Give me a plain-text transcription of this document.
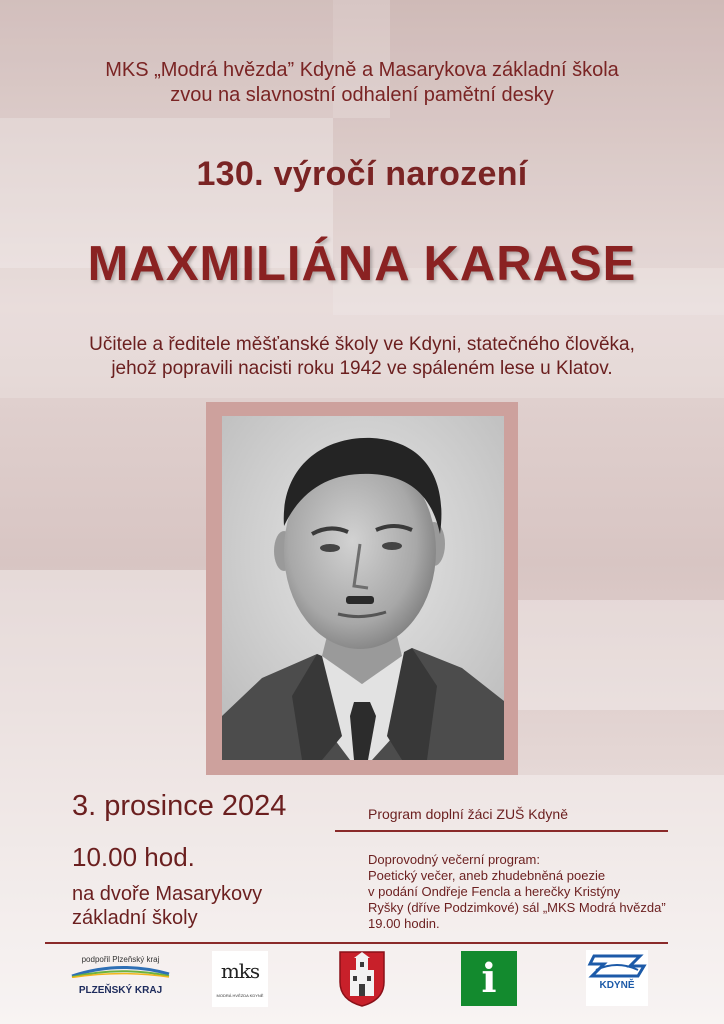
MKS „Modrá hvězda” Kdyně a Masarykova základní škola
zvou na slavnostní odhalení pamětní desky
130. výročí narození
MAXMILIÁNA KARASE
Učitele a ředitele měšťanské školy ve Kdyni, statečného člověka,
jehož popravili nacisti roku 1942 ve spáleném lese u Klatov.
3. prosince 2024
10.00 hod.
na dvoře Masarykovy
základní školy
Program doplní žáci ZUŠ Kdyně
Doprovodný večerní program:
Poetický večer, aneb zhudebněná poezie
v podání Ondřeje Fencla a herečky Kristýny
Ryšky (dříve Podzimkové) sál „MKS Modrá hvězda”
19.00 hodin.
podpořil Plzeňský kraj
PLZEŇSKÝ KRAJ
mks
MODRÁ HVĚZDA KDYNĚ	i	KDYNĚ
